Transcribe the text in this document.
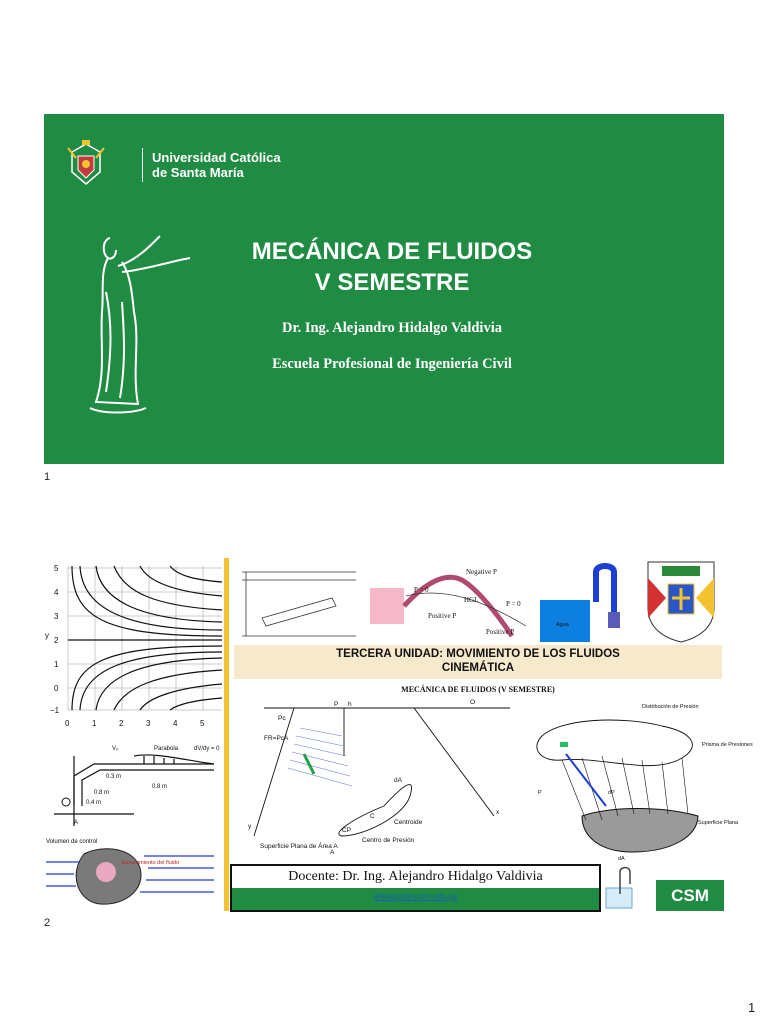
Universidad Católica
de Santa María
MECÁNICA DE FLUIDOS
V SEMESTRE
Dr. Ing. Alejandro Hidalgo Valdivia
Escuela Profesional de Ingeniería Civil
1
5
4
3
2
1
0
−1
y
0	1	2	3	4	5
V₀	Parabola
0.3 m
0.8 m
0.8 m
0.4 m
dV/dy = 0
A
Volumen de control
Escurrimiento del fluido
Negative P
P = 0
HGL
Positive P
Positive P
P = 0
Agua
TERCERA UNIDAD: MOVIMIENTO DE LOS FLUIDOS
CINEMÁTICA
MECÁNICA DE FLUIDOS (V SEMESTRE)
P
Pc
FR=PcA
O
h
dA
C
CP
Centroide
Centro de Presión
Superficie Plana de Área A
x
y
A
Distribución de Presión
Prisma de Presiones
Superficie Plana
dP
P
dA
Docente: Dr. Ing. Alejandro Hidalgo Valdivia
ahidalgo@ucsm.edu.pe	CSM
2
1
